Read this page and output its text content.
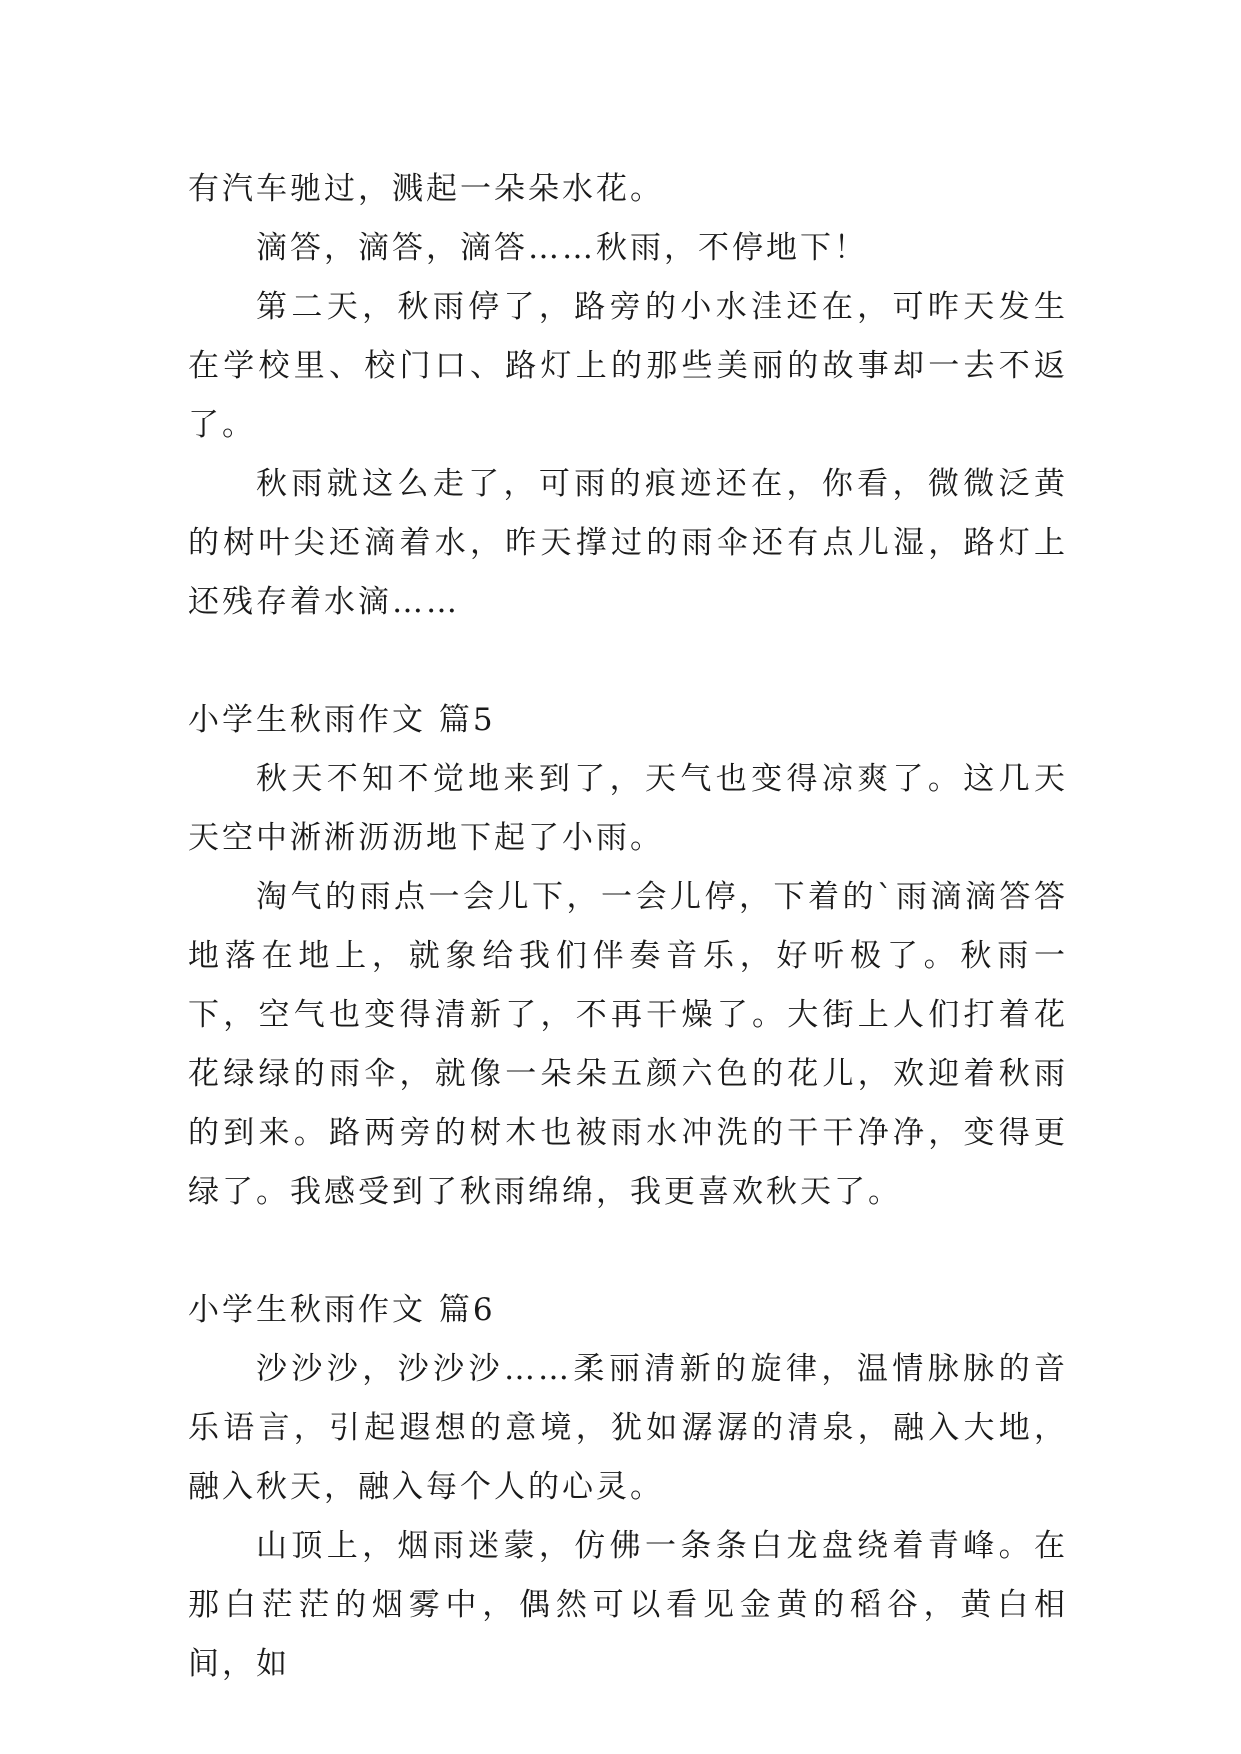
有汽车驰过，溅起一朵朵水花。

滴答，滴答，滴答……秋雨，不停地下！

第二天，秋雨停了，路旁的小水洼还在，可昨天发生在学校里、校门口、路灯上的那些美丽的故事却一去不返了。

秋雨就这么走了，可雨的痕迹还在，你看，微微泛黄的树叶尖还滴着水，昨天撑过的雨伞还有点儿湿，路灯上还残存着水滴……

小学生秋雨作文 篇5

秋天不知不觉地来到了，天气也变得凉爽了。这几天天空中淅淅沥沥地下起了小雨。

淘气的雨点一会儿下，一会儿停，下着的`雨滴滴答答地落在地上，就象给我们伴奏音乐，好听极了。秋雨一下，空气也变得清新了，不再干燥了。大街上人们打着花花绿绿的雨伞，就像一朵朵五颜六色的花儿，欢迎着秋雨的到来。路两旁的树木也被雨水冲洗的干干净净，变得更绿了。我感受到了秋雨绵绵，我更喜欢秋天了。

小学生秋雨作文 篇6

沙沙沙，沙沙沙……柔丽清新的旋律，温情脉脉的音乐语言，引起遐想的意境，犹如潺潺的清泉，融入大地，融入秋天，融入每个人的心灵。

山顶上，烟雨迷蒙，仿佛一条条白龙盘绕着青峰。在那白茫茫的烟雾中，偶然可以看见金黄的稻谷，黄白相间，如
